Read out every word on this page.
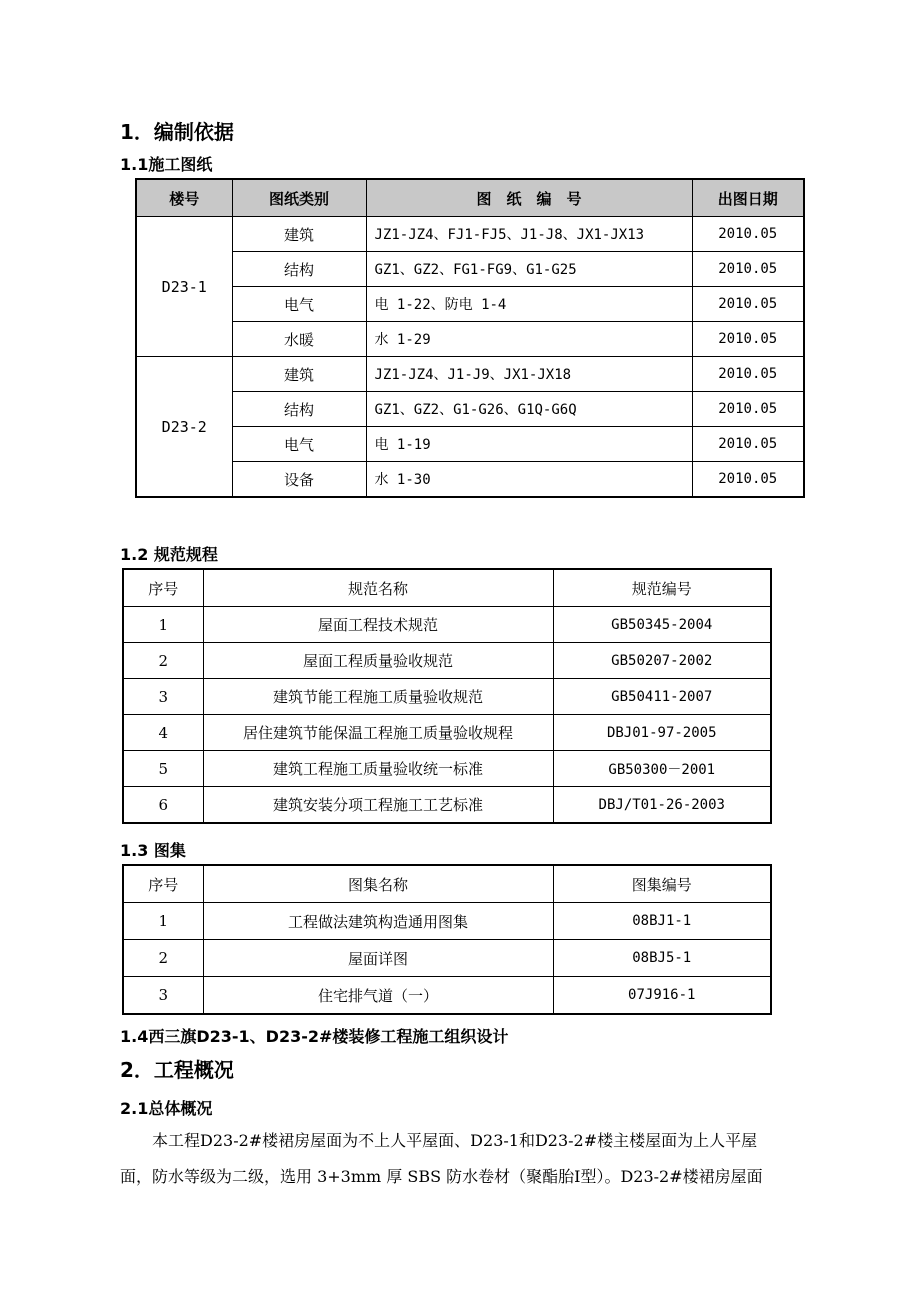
1．编制依据
1.1施工图纸
楼号	图纸类别	图　纸　编　号	出图日期
D23-1	建筑	JZ1-JZ4、FJ1-FJ5、J1-J8、JX1-JX13	2010.05
	结构	GZ1、GZ2、FG1-FG9、G1-G25	2010.05
	电气	电 1-22、防电 1-4	2010.05
	水暖	水 1-29	2010.05
D23-2	建筑	JZ1-JZ4、J1-J9、JX1-JX18	2010.05
	结构	GZ1、GZ2、G1-G26、G1Q-G6Q	2010.05
	电气	电 1-19	2010.05
	设备	水 1-30	2010.05
1.2 规范规程
序号	规范名称	规范编号
1	屋面工程技术规范	GB50345-2004
2	屋面工程质量验收规范	GB50207-2002
3	建筑节能工程施工质量验收规范	GB50411-2007
4	居住建筑节能保温工程施工质量验收规程	DBJ01-97-2005
5	建筑工程施工质量验收统一标准	GB50300－2001
6	建筑安装分项工程施工工艺标准	DBJ/T01-26-2003
1.3 图集
序号	图集名称	图集编号
1	工程做法建筑构造通用图集	08BJ1-1
2	屋面详图	08BJ5-1
3	住宅排气道（一）	07J916-1
1.4西三旗D23-1、D23-2#楼装修工程施工组织设计
2．工程概况
2.1总体概况
本工程D23-2#楼裙房屋面为不上人平屋面、D23-1和D23-2#楼主楼屋面为上人平屋
面，防水等级为二级，选用 3+3mm 厚 SBS 防水卷材（聚酯胎Ⅰ型）。D23-2#楼裙房屋面
